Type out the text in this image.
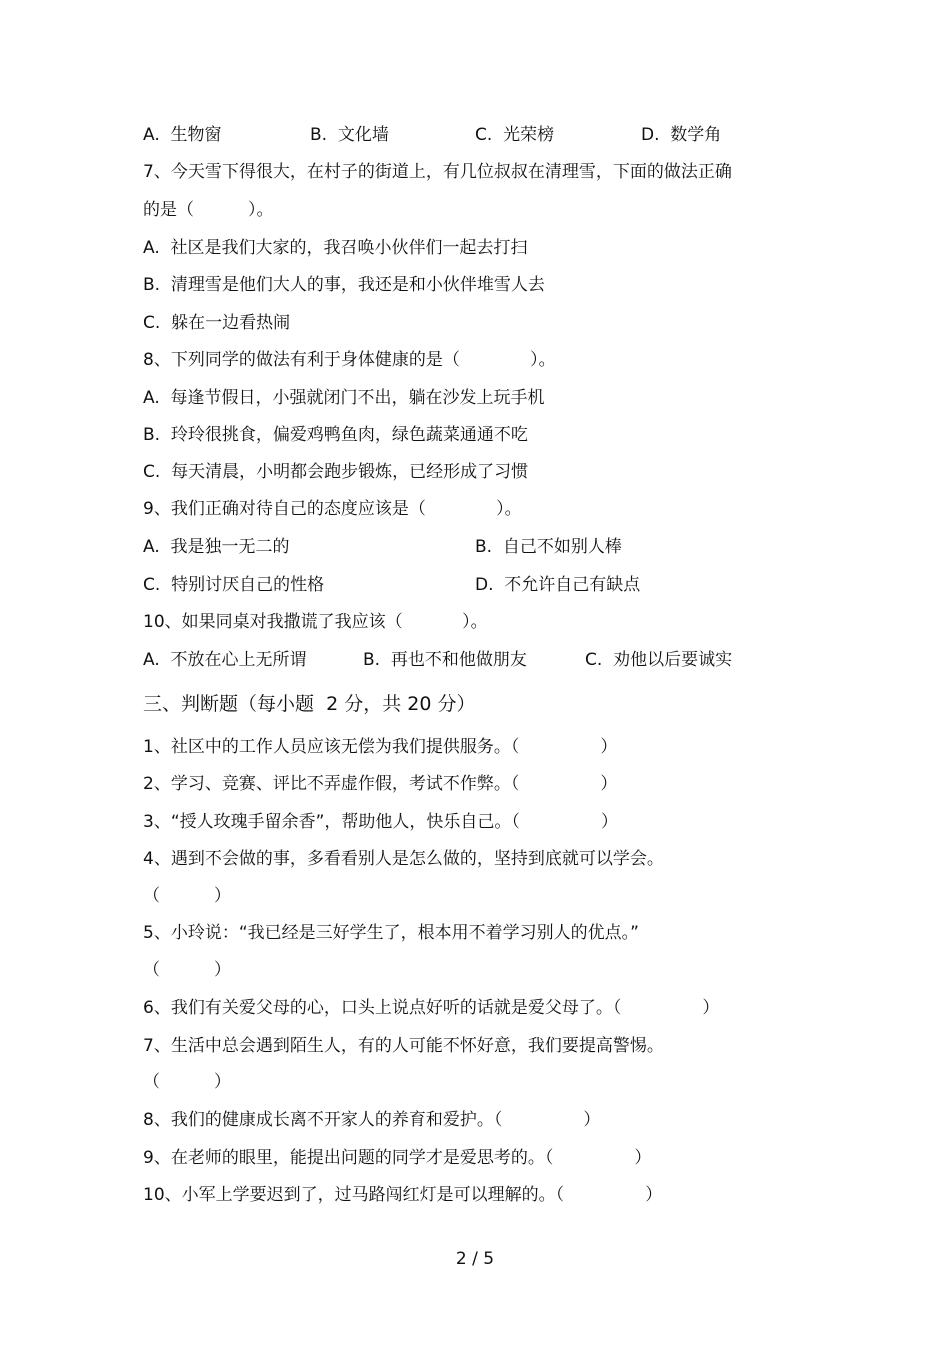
A.  生物窗	B.  文化墙	C.  光荣榜	D.  数学角
7、今天雪下得很大，在村子的街道上，有几位叔叔在清理雪，下面的做法正确
的是（          ）。
A.  社区是我们大家的，我召唤小伙伴们一起去打扫
B.  清理雪是他们大人的事，我还是和小伙伴堆雪人去
C.  躲在一边看热闹
8、下列同学的做法有利于身体健康的是（             ）。
A.  每逢节假日，小强就闭门不出，躺在沙发上玩手机
B.  玲玲很挑食，偏爱鸡鸭鱼肉，绿色蔬菜通通不吃
C.  每天清晨，小明都会跑步锻炼，已经形成了习惯
9、我们正确对待自己的态度应该是（             ）。
A.  我是独一无二的	B.  自己不如别人棒
C.  特别讨厌自己的性格	D.  不允许自己有缺点
10、如果同桌对我撒谎了我应该（           ）。
A.  不放在心上无所谓	B.  再也不和他做朋友	C.  劝他以后要诚实
三、判断题（每小题  2 分，共 20 分）
1、社区中的工作人员应该无偿为我们提供服务。（               ）
2、学习、竞赛、评比不弄虚作假，考试不作弊。（               ）
3、“授人玫瑰手留余香”，帮助他人，快乐自己。（               ）
4、遇到不会做的事，多看看别人是怎么做的，坚持到底就可以学会。
（          ）
5、小玲说：“我已经是三好学生了，根本用不着学习别人的优点。”
（          ）
6、我们有关爱父母的心，口头上说点好听的话就是爱父母了。（               ）
7、生活中总会遇到陌生人，有的人可能不怀好意，我们要提高警惕。
（          ）
8、我们的健康成长离不开家人的养育和爱护。（               ）
9、在老师的眼里，能提出问题的同学才是爱思考的。（               ）
10、小军上学要迟到了，过马路闯红灯是可以理解的。（               ）
2 / 5
